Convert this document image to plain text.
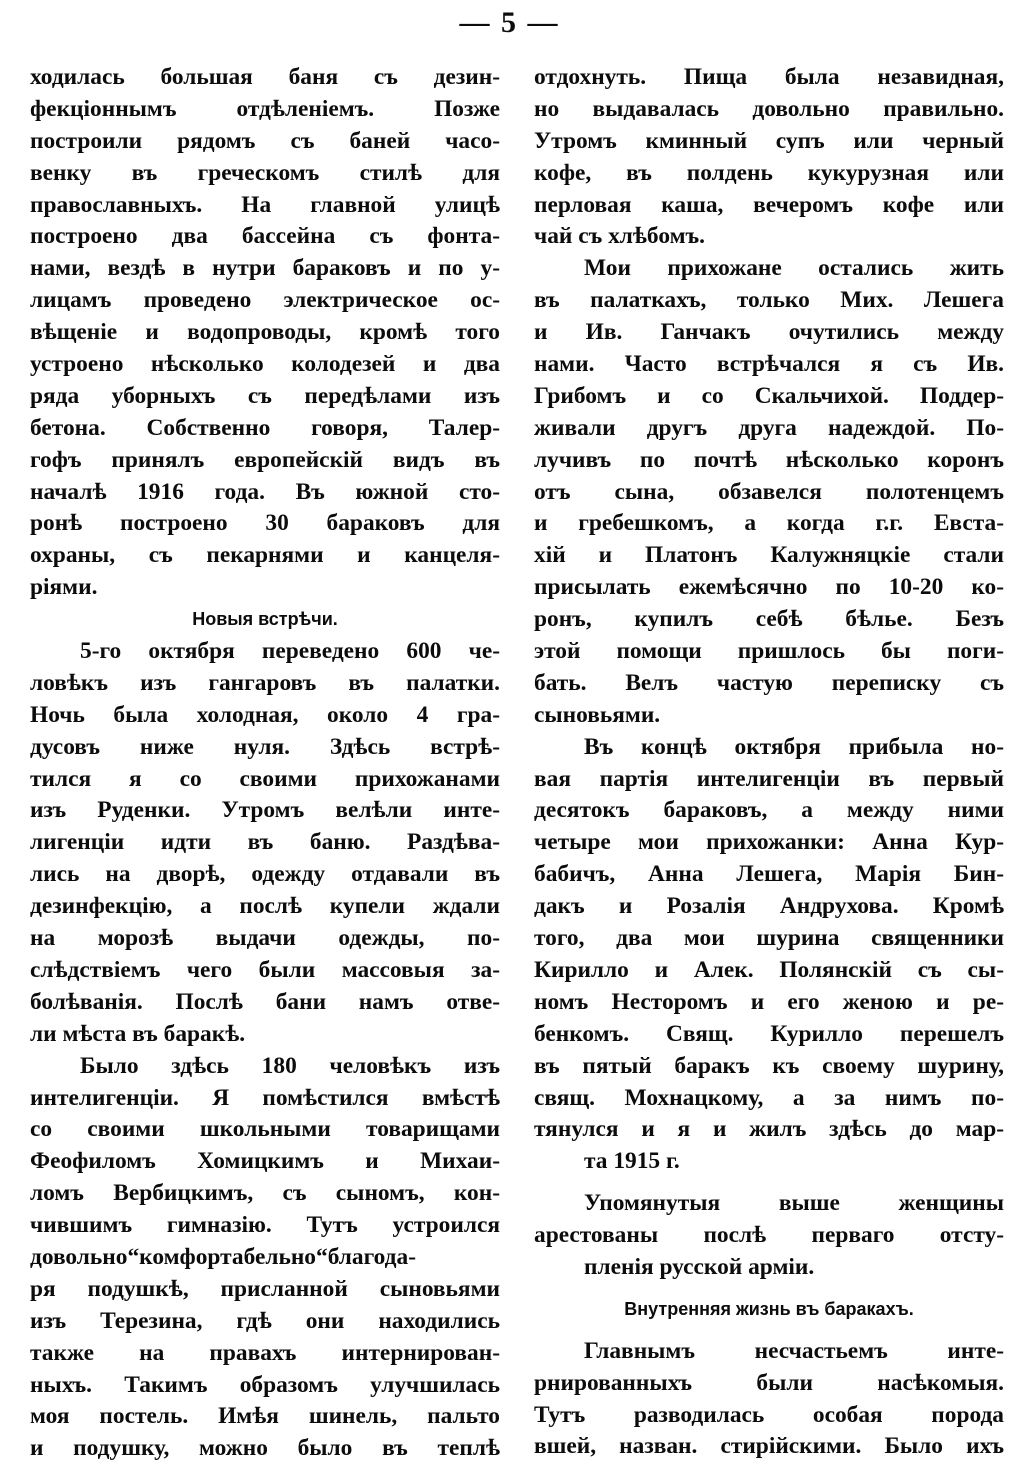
— 5 —
ходилась большая баня съ дезин-
фекціоннымъ отдѣленіемъ. Позже
построили рядомъ съ баней часо-
венку въ греческомъ стилѣ для
православныхъ. На главной улицѣ
построено два бассейна съ фонта-
нами, вездѣ в нутри бараковъ и по у-
лицамъ проведено электрическое ос-
вѣщеніе и водопроводы, кромѣ того
устроено нѣсколько колодезей и два
ряда уборныхъ съ передѣлами изъ
бетона. Собственно говоря, Талер-
гофъ принялъ европейскій видъ въ
началѣ 1916 года. Въ южной сто-
ронѣ построено 30 бараковъ для
охраны, съ пекарнями и канцеля-
ріями.
Новыя встрѣчи.
5-го октября переведено 600 че-
ловѣкъ изъ гангаровъ въ палатки.
Ночь была холодная, около 4 гра-
дусовъ ниже нуля. Здѣсь встрѣ-
тился я со своими прихожанами
изъ Руденки. Утромъ велѣли инте-
лигенціи идти въ баню. Раздѣва-
лись на дворѣ, одежду отдавали въ
дезинфекцію, а послѣ купели ждали
на морозѣ выдачи одежды, по-
слѣдствіемъ чего были массовыя за-
болѣванія. Послѣ бани намъ отве-
ли мѣста въ баракѣ.
Было здѣсь 180 человѣкъ изъ
интелигенціи. Я помѣстился вмѣстѣ
со своими школьными товарищами
Феофиломъ Хомицкимъ и Михаи-
ломъ Вербицкимъ, съ сыномъ, кон-
чившимъ гимназію. Тутъ устроился
довольно“комфортабельно“благода-
ря подушкѣ, присланной сыновьями
изъ Терезина, гдѣ они находились
также на правахъ интернирован-
ныхъ. Такимъ образомъ улучшилась
моя постель. Имѣя шинель, пальто
и подушку, можно было въ теплѣ
отдохнуть. Пища была незавидная,
но выдавалась довольно правильно.
Утромъ кминный супъ или черный
кофе, въ полдень кукурузная или
перловая каша, вечеромъ кофе или
чай съ хлѣбомъ.
Мои прихожане остались жить
въ палаткахъ, только Мих. Лешега
и Ив. Ганчакъ очутились между
нами. Часто встрѣчался я съ Ив.
Грибомъ и со Скальчихой. Поддер-
живали другъ друга надеждой. По-
лучивъ по почтѣ нѣсколько коронъ
отъ сына, обзавелся полотенцемъ
и гребешкомъ, а когда г.г. Евста-
хій и Платонъ Калужняцкіе стали
присылать ежемѣсячно по 10-20 ко-
ронъ, купилъ себѣ бѣлье. Безъ
этой помощи пришлось бы поги-
бать. Велъ частую переписку съ
сыновьями.
Въ концѣ октября прибыла но-
вая партія интелигенціи въ первый
десятокъ бараковъ, а между ними
четыре мои прихожанки: Анна Кур-
бабичъ, Анна Лешега, Марія Бин-
дакъ и Розалія Андрухова. Кромѣ
того, два мои шурина священники
Кирилло и Алек. Полянскій съ сы-
номъ Несторомъ и его женою и ре-
бенкомъ. Свящ. Курилло перешелъ
въ пятый баракъ къ своему шурину,
свящ. Мохнацкому, а за нимъ по-
тянулся и я и жилъ здѣсь до мар-
та 1915 г.
Упомянутыя выше женщины
арестованы послѣ перваго отсту-
пленія русской арміи.
Внутренняя жизнь въ баракахъ.
Главнымъ несчастьемъ инте-
рнированныхъ были насѣкомыя.
Тутъ разводилась особая порода
вшей, назван. стирійскими. Было ихъ
